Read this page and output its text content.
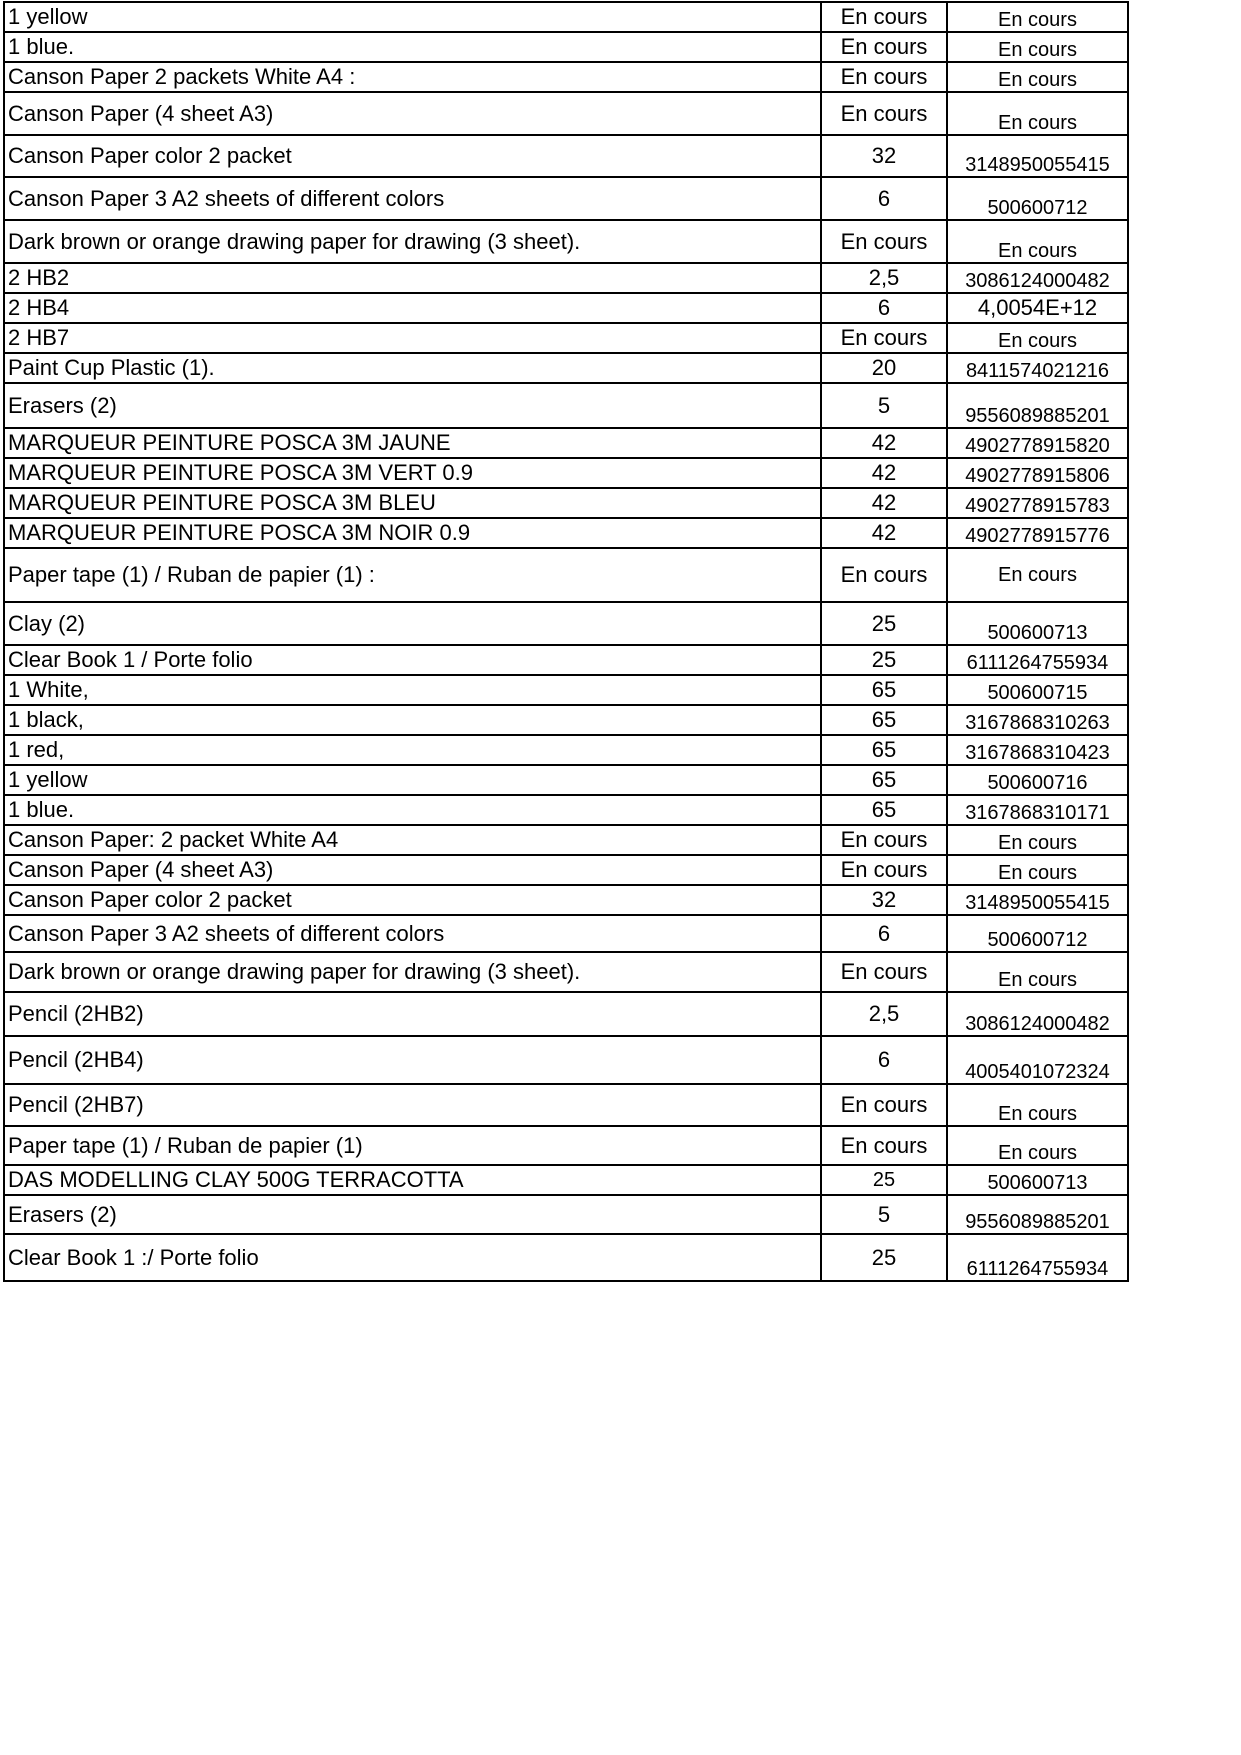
1 yellow	En cours	En cours
1 blue.	En cours	En cours
Canson Paper 2 packets White A4 :	En cours	En cours
Canson Paper (4 sheet A3)	En cours	En cours
Canson Paper color 2 packet	32	3148950055415
Canson Paper 3 A2 sheets of different colors	6	500600712
Dark brown or orange drawing paper for drawing (3 sheet).	En cours	En cours
2 HB2	2,5	3086124000482
2 HB4	6	4,0054E+12
2 HB7	En cours	En cours
Paint Cup Plastic (1).	20	8411574021216
Erasers (2)	5	9556089885201
MARQUEUR PEINTURE POSCA 3M JAUNE	42	4902778915820
MARQUEUR PEINTURE POSCA 3M VERT 0.9	42	4902778915806
MARQUEUR PEINTURE POSCA 3M BLEU	42	4902778915783
MARQUEUR PEINTURE POSCA 3M NOIR 0.9	42	4902778915776
Paper tape (1) / Ruban de papier (1) :	En cours	En cours
Clay (2)	25	500600713
Clear Book 1 / Porte folio	25	6111264755934
1 White,	65	500600715
1 black,	65	3167868310263
1 red,	65	3167868310423
1 yellow	65	500600716
1 blue.	65	3167868310171
Canson Paper: 2 packet White A4	En cours	En cours
Canson Paper (4 sheet A3)	En cours	En cours
Canson Paper color 2 packet	32	3148950055415
Canson Paper 3 A2 sheets of different colors	6	500600712
Dark brown or orange drawing paper for drawing (3 sheet).	En cours	En cours
Pencil (2HB2)	2,5	3086124000482
Pencil (2HB4)	6	4005401072324
Pencil (2HB7)	En cours	En cours
Paper tape (1) / Ruban de papier (1)	En cours	En cours
DAS MODELLING CLAY 500G TERRACOTTA	25	500600713
Erasers (2)	5	9556089885201
Clear Book 1 :/ Porte folio	25	6111264755934
